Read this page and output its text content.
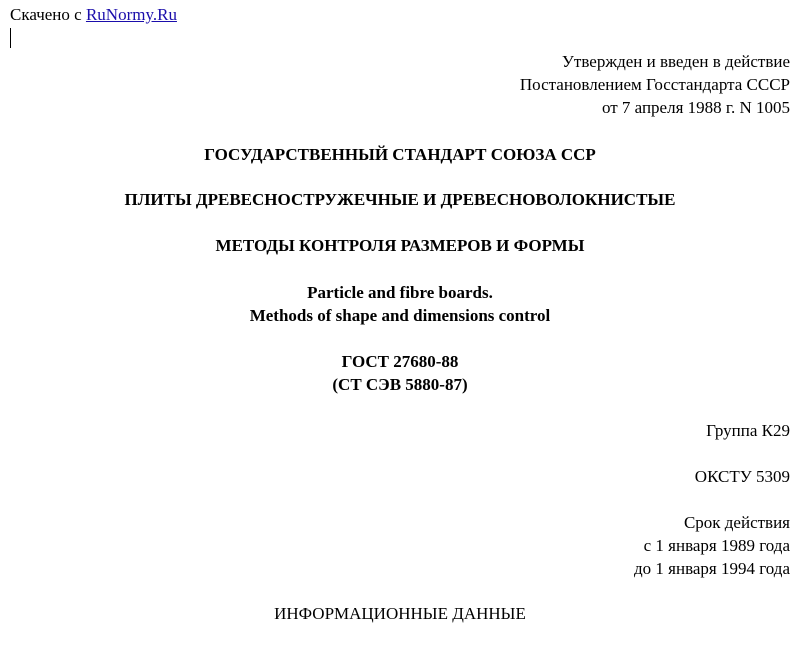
Скачено с RuNormy.Ru
Утвержден и введен в действие
Постановлением Госстандарта СССР
от 7 апреля 1988 г. N 1005
ГОСУДАРСТВЕННЫЙ СТАНДАРТ СОЮЗА ССР
ПЛИТЫ ДРЕВЕСНОСТРУЖЕЧНЫЕ И ДРЕВЕСНОВОЛОКНИСТЫЕ
МЕТОДЫ КОНТРОЛЯ РАЗМЕРОВ И ФОРМЫ
Particle and fibre boards.
Methods of shape and dimensions control
ГОСТ 27680-88
(СТ СЭВ 5880-87)
Группа К29
ОКСТУ 5309
Срок действия
с 1 января 1989 года
до 1 января 1994 года
ИНФОРМАЦИОННЫЕ ДАННЫЕ
